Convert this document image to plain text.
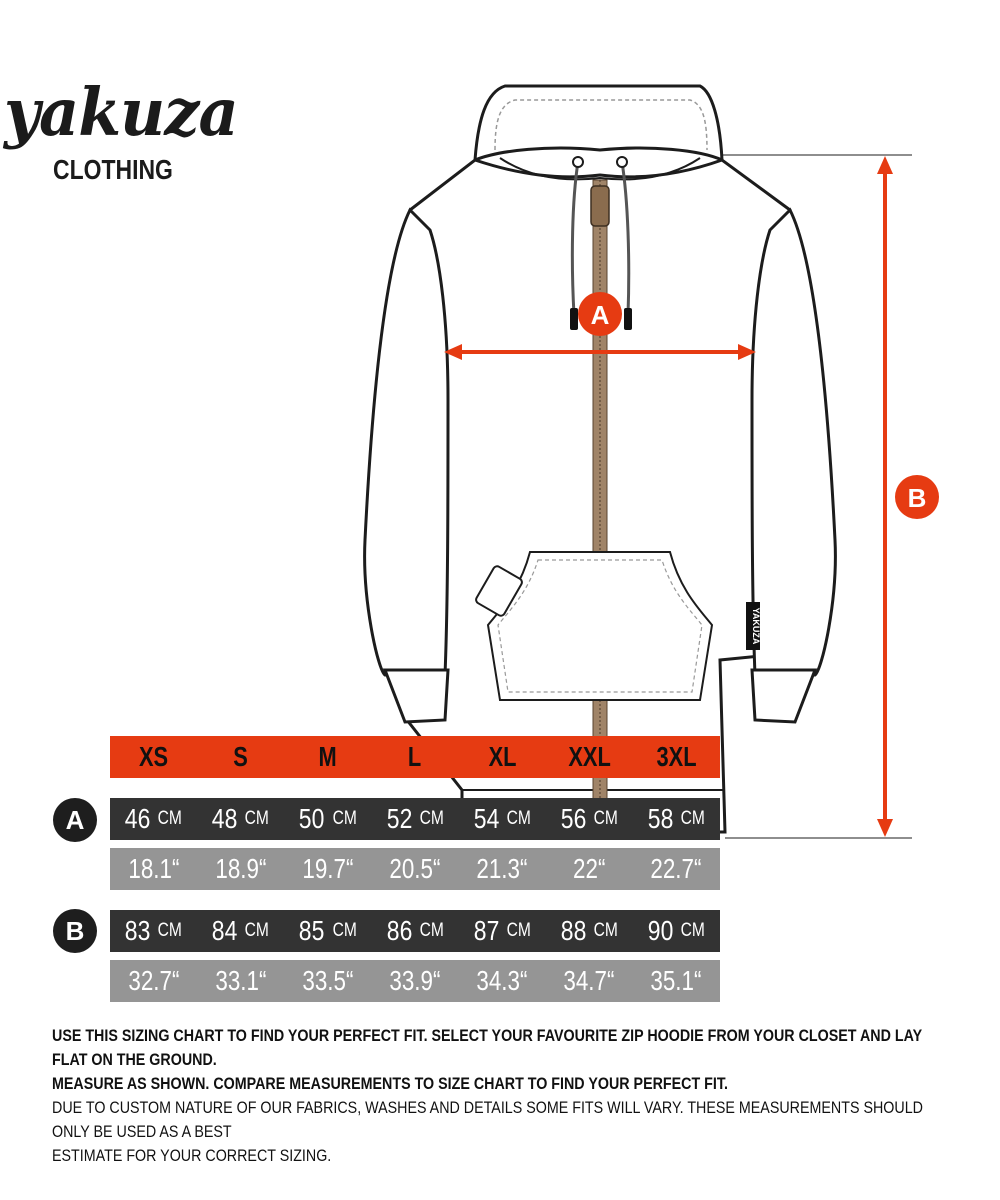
yakuza
CLOTHING
YAKUZA
A
B
XS	S	M	L	XL	XXL	3XL
46 CM 48 CM 50 CM 52 CM 54 CM 56 CM 58 CM
18.1“ 18.9“ 19.7“ 20.5“ 21.3“ 22“ 22.7“
83 CM 84 CM 85 CM 86 CM 87 CM 88 CM 90 CM
32.7“ 33.1“ 33.5“ 33.9“ 34.3“ 34.7“ 35.1“
A
B
USE THIS SIZING CHART TO FIND YOUR PERFECT FIT. SELECT YOUR FAVOURITE ZIP HOODIE FROM YOUR CLOSET AND LAY FLAT ON THE GROUND.
MEASURE AS SHOWN. COMPARE MEASUREMENTS TO SIZE CHART TO FIND YOUR PERFECT FIT.
DUE TO CUSTOM NATURE OF OUR FABRICS, WASHES AND DETAILS SOME FITS WILL VARY. THESE MEASUREMENTS SHOULD ONLY BE USED AS A BEST
ESTIMATE FOR YOUR CORRECT SIZING.
